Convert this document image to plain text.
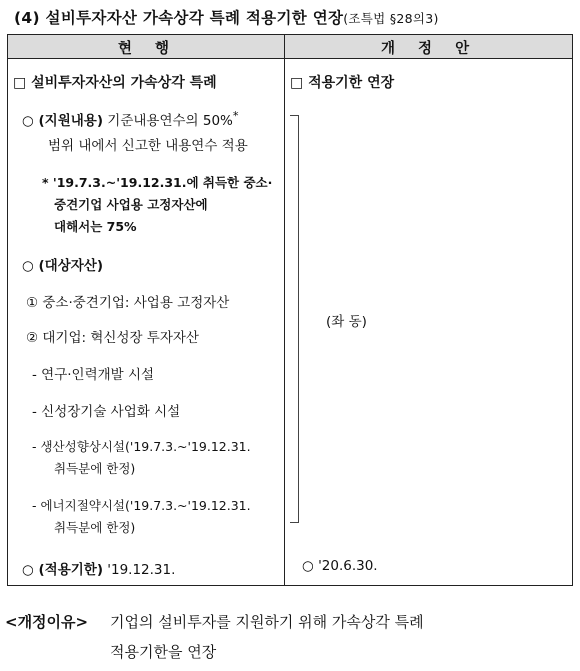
(4) 설비투자자산 가속상각 특례 적용기한 연장(조특법 §28의3)
현 행	개 정 안
□ 설비투자자산의 가속상각 특례
○ (지원내용) 기준내용연수의 50%*
범위 내에서 신고한 내용연수 적용
* '19.7.3.~'19.12.31.에 취득한 중소·
중견기업 사업용 고정자산에
대해서는 75%
○ (대상자산)
① 중소·중견기업: 사업용 고정자산
② 대기업: 혁신성장 투자자산
- 연구·인력개발 시설
- 신성장기술 사업화 시설
- 생산성향상시설('19.7.3.~'19.12.31.
취득분에 한정)
- 에너지절약시설('19.7.3.~'19.12.31.
취득분에 한정)
○ (적용기한) '19.12.31.
□ 적용기한 연장
(좌 동)
○ '20.6.30.
<개정이유> 기업의 설비투자를 지원하기 위해 가속상각 특례
적용기한을 연장
